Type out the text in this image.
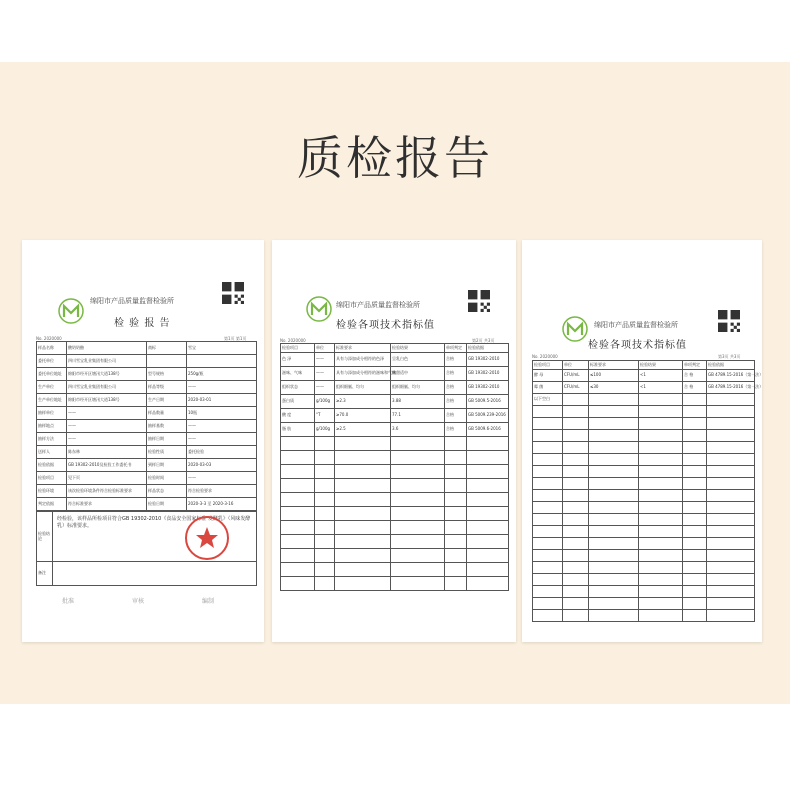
质检报告
绵阳市产品质量监督检验所
检 验 报 告
No. 2020000	第1页 第1页
样品名称	酸奶奶酪	商标	雪宝
委托单位	四川雪宝乳业集团有限公司		
委托单位地址	绵阳市经开区塘汛大道138号	型号规格	250g/瓶
生产单位	四川雪宝乳业集团有限公司	样品等级	——
生产单位地址	绵阳市经开区塘汛大道138号	生产日期	2020-03-01
抽样单位	——	样品数量	10瓶
抽样地点	——	抽样基数	——
抽样方法	——	抽样日期	——
送样人	陈东林	检验性质	委托检验
检验依据	GB 19302-2010及检验工作委托书	到样日期	2020-03-03
检验项目	见下页	检验时间	——
检验环境	该次检验环境条件符合检验标准要求	样品状态	符合检验要求
判定依据	符合标准要求	检验日期	2020-3-3 至 2020-3-16
检验结论	经检验，该样品所检项目符合GB 19302-2010《食品安全国家标准 发酵乳》（风味发酵乳）标准要求。

备注	
批准	审核	编制
绵阳市产品质量监督检验所
检验各项技术指标值
No. 2020000	第2页 共3页
检验项目	单位	标准要求	检验结果	单项判定	检验依据
色 泽	——	具有与添加成分相符的色泽	呈乳白色	合格	GB 19302-2010
滋味、气味	——	具有与添加成分相符的滋味和气味	酸甜适中	合格	GB 19302-2010
组织状态	——	组织细腻、均匀	组织细腻、均匀	合格	GB 19302-2010
蛋白质	g/100g	≥2.3	3.88	合格	GB 5009.5-2016
酸 度	°T	≥70.0	77.1	合格	GB 5009.239-2016
脂 肪	g/100g	≥2.5	3.6	合格	GB 5009.6-2016

绵阳市产品质量监督检验所
检验各项技术指标值
No. 2020000	第3页 共3页
检验项目	单位	标准要求	检验结果	单项判定	检验依据
酵 母	CFU/mL	≤100	<1	合 格	GB 4789.15-2016（第一法）
霉 菌	CFU/mL	≤30	<1	合 格	GB 4789.15-2016（第一法）
以下空白					
